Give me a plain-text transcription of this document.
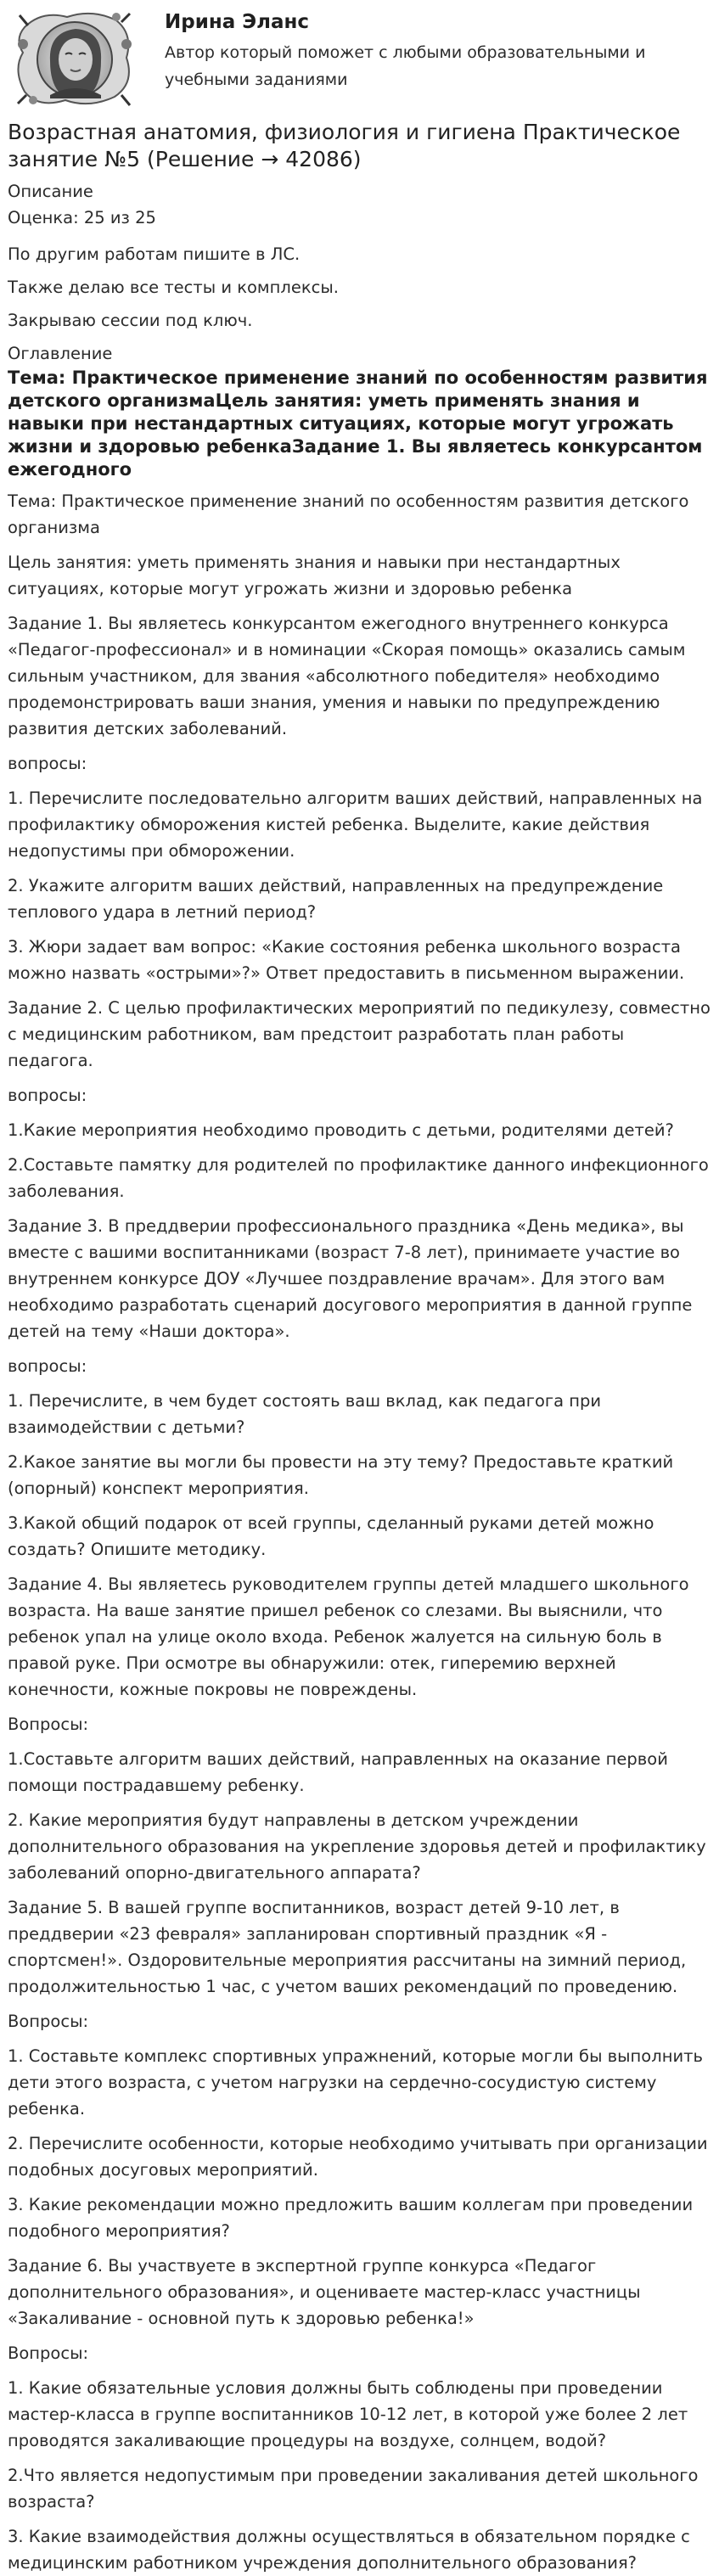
Ирина Эланс
Автор который поможет с любыми образовательными и учебными заданиями
Возрастная анатомия, физиология и гигиена Практическое занятие №5 (Решение → 42086)

Описание

Оценка: 25 из 25

По другим работам пишите в ЛС.

Также делаю все тесты и комплексы.

Закрываю сессии под ключ.

Оглавление

Тема: Практическое применение знаний по особенностям развития детского организмаЦель занятия: уметь применять знания и навыки при нестандартных ситуациях, которые могут угрожать жизни и здоровью ребенкаЗадание 1. Вы являетесь конкурсантом ежегодного

Тема: Практическое применение знаний по особенностям развития детского организма

Цель занятия: уметь применять знания и навыки при нестандартных ситуациях, которые могут угрожать жизни и здоровью ребенка

Задание 1. Вы являетесь конкурсантом ежегодного внутреннего конкурса «Педагог-профессионал» и в номинации «Скорая помощь» оказались самым сильным участником, для звания «абсолютного победителя» необходимо продемонстрировать ваши знания, умения и навыки по предупреждению развития детских заболеваний.

вопросы:

1. Перечислите последовательно алгоритм ваших действий, направленных на профилактику обморожения кистей ребенка. Выделите, какие действия недопустимы при обморожении.

2. Укажите алгоритм ваших действий, направленных на предупреждение теплового удара в летний период?

3. Жюри задает вам вопрос: «Какие состояния ребенка школьного возраста можно назвать «острыми»?» Ответ предоставить в письменном выражении.

Задание 2. С целью профилактических мероприятий по педикулезу, совместно с медицинским работником, вам предстоит разработать план работы педагога.

вопросы:

1.Какие мероприятия необходимо проводить с детьми, родителями детей?

2.Составьте памятку для родителей по профилактике данного инфекционного заболевания.

Задание 3. В преддверии профессионального праздника «День медика», вы вместе с вашими воспитанниками (возраст 7-8 лет), принимаете участие во внутреннем конкурсе ДОУ «Лучшее поздравление врачам». Для этого вам необходимо разработать сценарий досугового мероприятия в данной группе детей на тему «Наши доктора».

вопросы:

1. Перечислите, в чем будет состоять ваш вклад, как педагога при взаимодействии с детьми?

2.Какое занятие вы могли бы провести на эту тему? Предоставьте краткий (опорный) конспект мероприятия.

3.Какой общий подарок от всей группы, сделанный руками детей можно создать? Опишите методику.

Задание 4. Вы являетесь руководителем группы детей младшего школьного возраста. На ваше занятие пришел ребенок со слезами. Вы выяснили, что ребенок упал на улице около входа. Ребенок жалуется на сильную боль в правой руке. При осмотре вы обнаружили: отек, гиперемию верхней конечности, кожные покровы не повреждены.

Вопросы:

1.Составьте алгоритм ваших действий, направленных на оказание первой помощи пострадавшему ребенку.

2. Какие мероприятия будут направлены в детском учреждении дополнительного образования на укрепление здоровья детей и профилактику заболеваний опорно-двигательного аппарата?

Задание 5. В вашей группе воспитанников, возраст детей 9-10 лет, в преддверии «23 февраля» запланирован спортивный праздник «Я - спортсмен!». Оздоровительные мероприятия рассчитаны на зимний период, продолжительностью 1 час, с учетом ваших рекомендаций по проведению.

Вопросы:

1. Составьте комплекс спортивных упражнений, которые могли бы выполнить дети этого возраста, с учетом нагрузки на сердечно-сосудистую систему ребенка.

2. Перечислите особенности, которые необходимо учитывать при организации подобных досуговых мероприятий.

3. Какие рекомендации можно предложить вашим коллегам при проведении подобного мероприятия?

Задание 6. Вы участвуете в экспертной группе конкурса «Педагог дополнительного образования», и оцениваете мастер-класс участницы «Закаливание - основной путь к здоровью ребенка!»

Вопросы:

1. Какие обязательные условия должны быть соблюдены при проведении мастер-класса в группе воспитанников 10-12 лет, в которой уже более 2 лет проводятся закаливающие процедуры на воздухе, солнцем, водой?

2.Что является недопустимым при проведении закаливания детей школьного возраста?

3. Какие взаимодействия должны осуществляться в обязательном порядке с медицинским работником учреждения дополнительного образования?
